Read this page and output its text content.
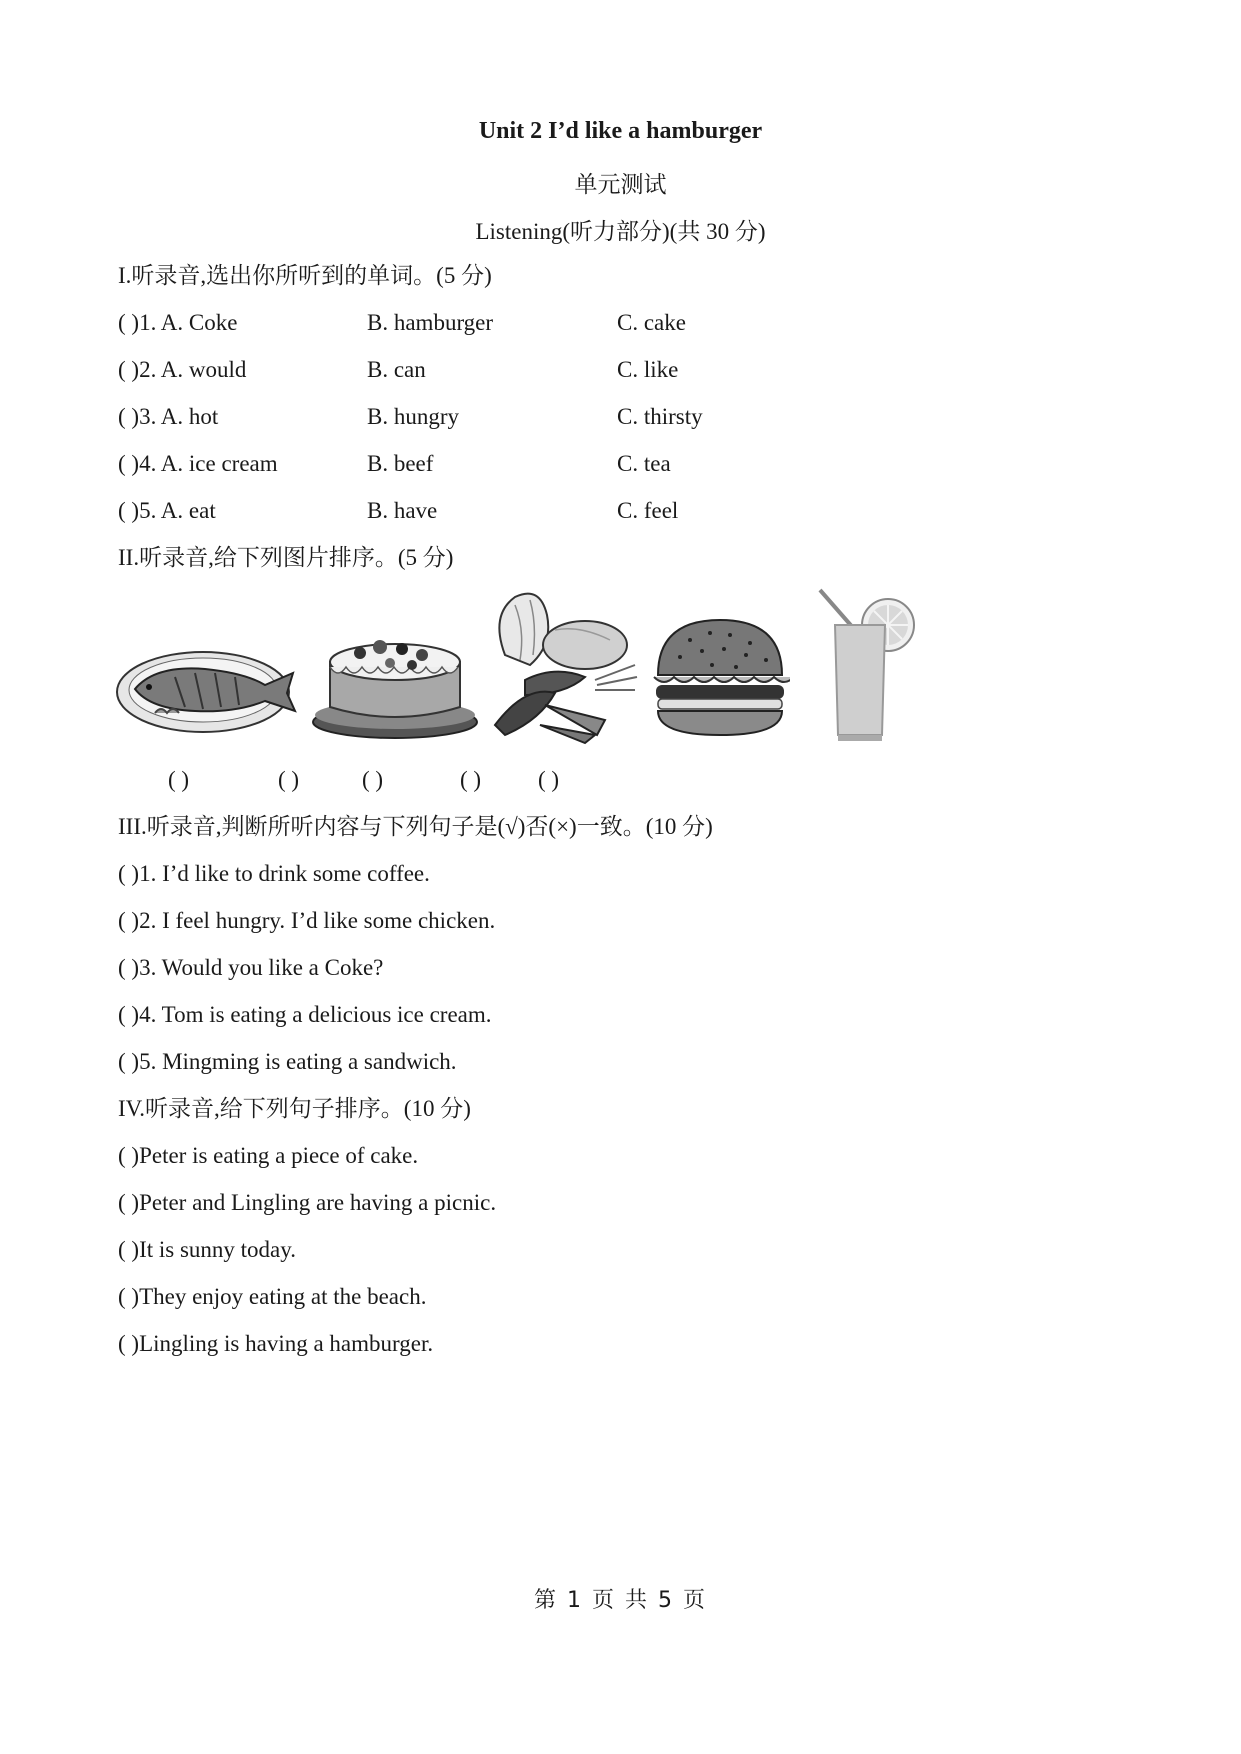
Unit 2 I’d like a hamburger
单元测试
Listening(听力部分)(共 30 分)
I.听录音,选出你所听到的单词。(5 分)
( )1. A. Coke	B. hamburger	C. cake
( )2. A. would	B. can	C. like
( )3. A. hot	B. hungry	C. thirsty
( )4. A. ice cream	B. beef	C. tea
( )5. A. eat	B. have	C. feel
II.听录音,给下列图片排序。(5 分)
( )	( )	( )	( ) ( )
III.听录音,判断所听内容与下列句子是(√)否(×)一致。(10 分)
( )1. I’d like to drink some coffee.
( )2. I feel hungry. I’d like some chicken.
( )3. Would you like a Coke?
( )4. Tom is eating a delicious ice cream.
( )5. Mingming is eating a sandwich.
IV.听录音,给下列句子排序。(10 分)
( )Peter is eating a piece of cake.
( )Peter and Lingling are having a picnic.
( )It is sunny today.
( )They enjoy eating at the beach.
( )Lingling is having a hamburger.
第 1 页 共 5 页
